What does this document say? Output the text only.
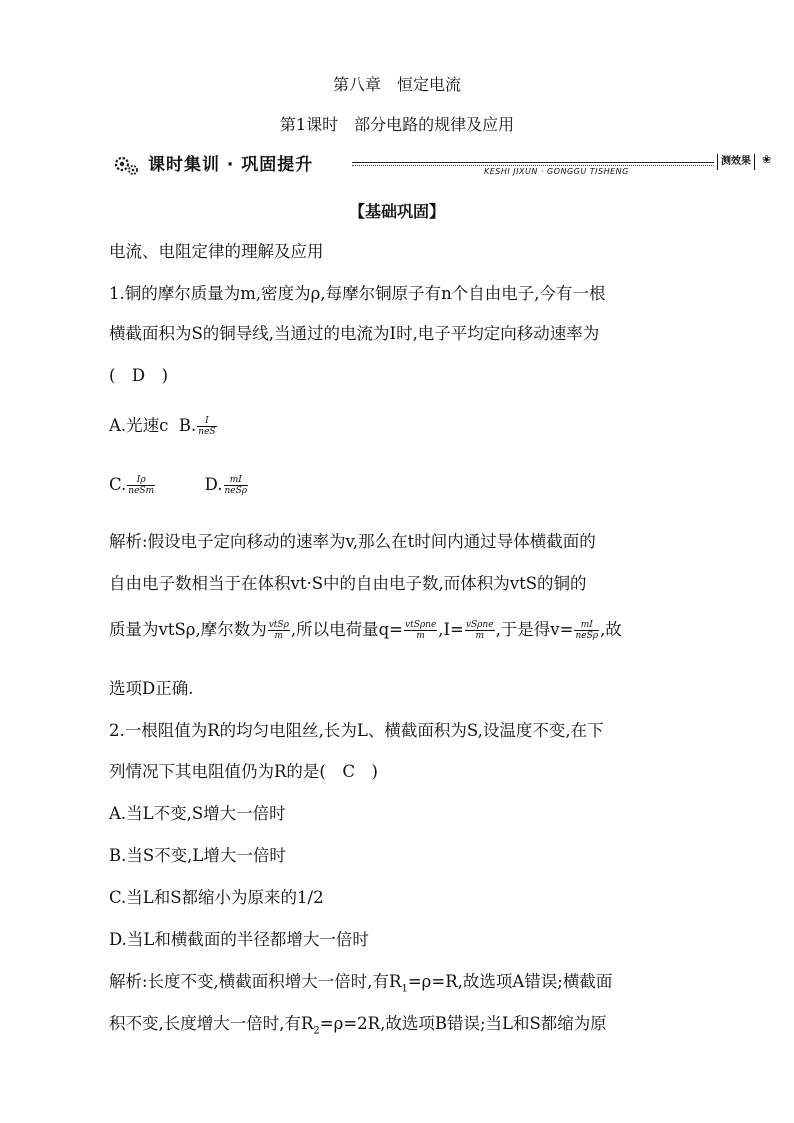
第八章　恒定电流
第1课时　部分电路的规律及应用
课时集训 · 巩固提升	KESHI JIXUN · GONGGU TISHENG
测效果	❀
【基础巩固】
电流、电阻定律的理解及应用
1.铜的摩尔质量为m,密度为ρ,每摩尔铜原子有n个自由电子,今有一根
横截面积为S的铜导线,当通过的电流为I时,电子平均定向移动速率为
(　D　)
A.光速c B. $\frac{I}{\text{neS}}$
C. $\frac{I\rho}{\text{neSm}}$	D. $\frac{mI}{\text{neSρ}}$
解析:假设电子定向移动的速率为v,那么在t时间内通过导体横截面的
自由电子数相当于在体积vt·S中的自由电子数,而体积为vtS的铜的
质量为vtSρ,摩尔数为 $\frac{\text{vtSρ}}{m}$ ,所以电荷量$q= \frac{\text{vtSρne}}{m} ,I= \frac{\text{vSρne}}{m}$ ,于是得$v= \frac{mI}{\text{neSρ}}$ ,故
选项D正确.
2.一根阻值为R的均匀电阻丝,长为L、横截面积为S,设温度不变,在下
列情况下其电阻值仍为R的是(　C　)
A.当L不变,S增大一倍时
B.当S不变,L增大一倍时
C.当L和S都缩小为原来的1/2
D.当L和横截面的半径都增大一倍时
解析:长度不变,横截面积增大一倍时,有$R_1=\rho=R$,故选项A错误;横截面
积不变,长度增大一倍时,有$R_2=\rho=2R$,故选项B错误;当L和S都缩为原
